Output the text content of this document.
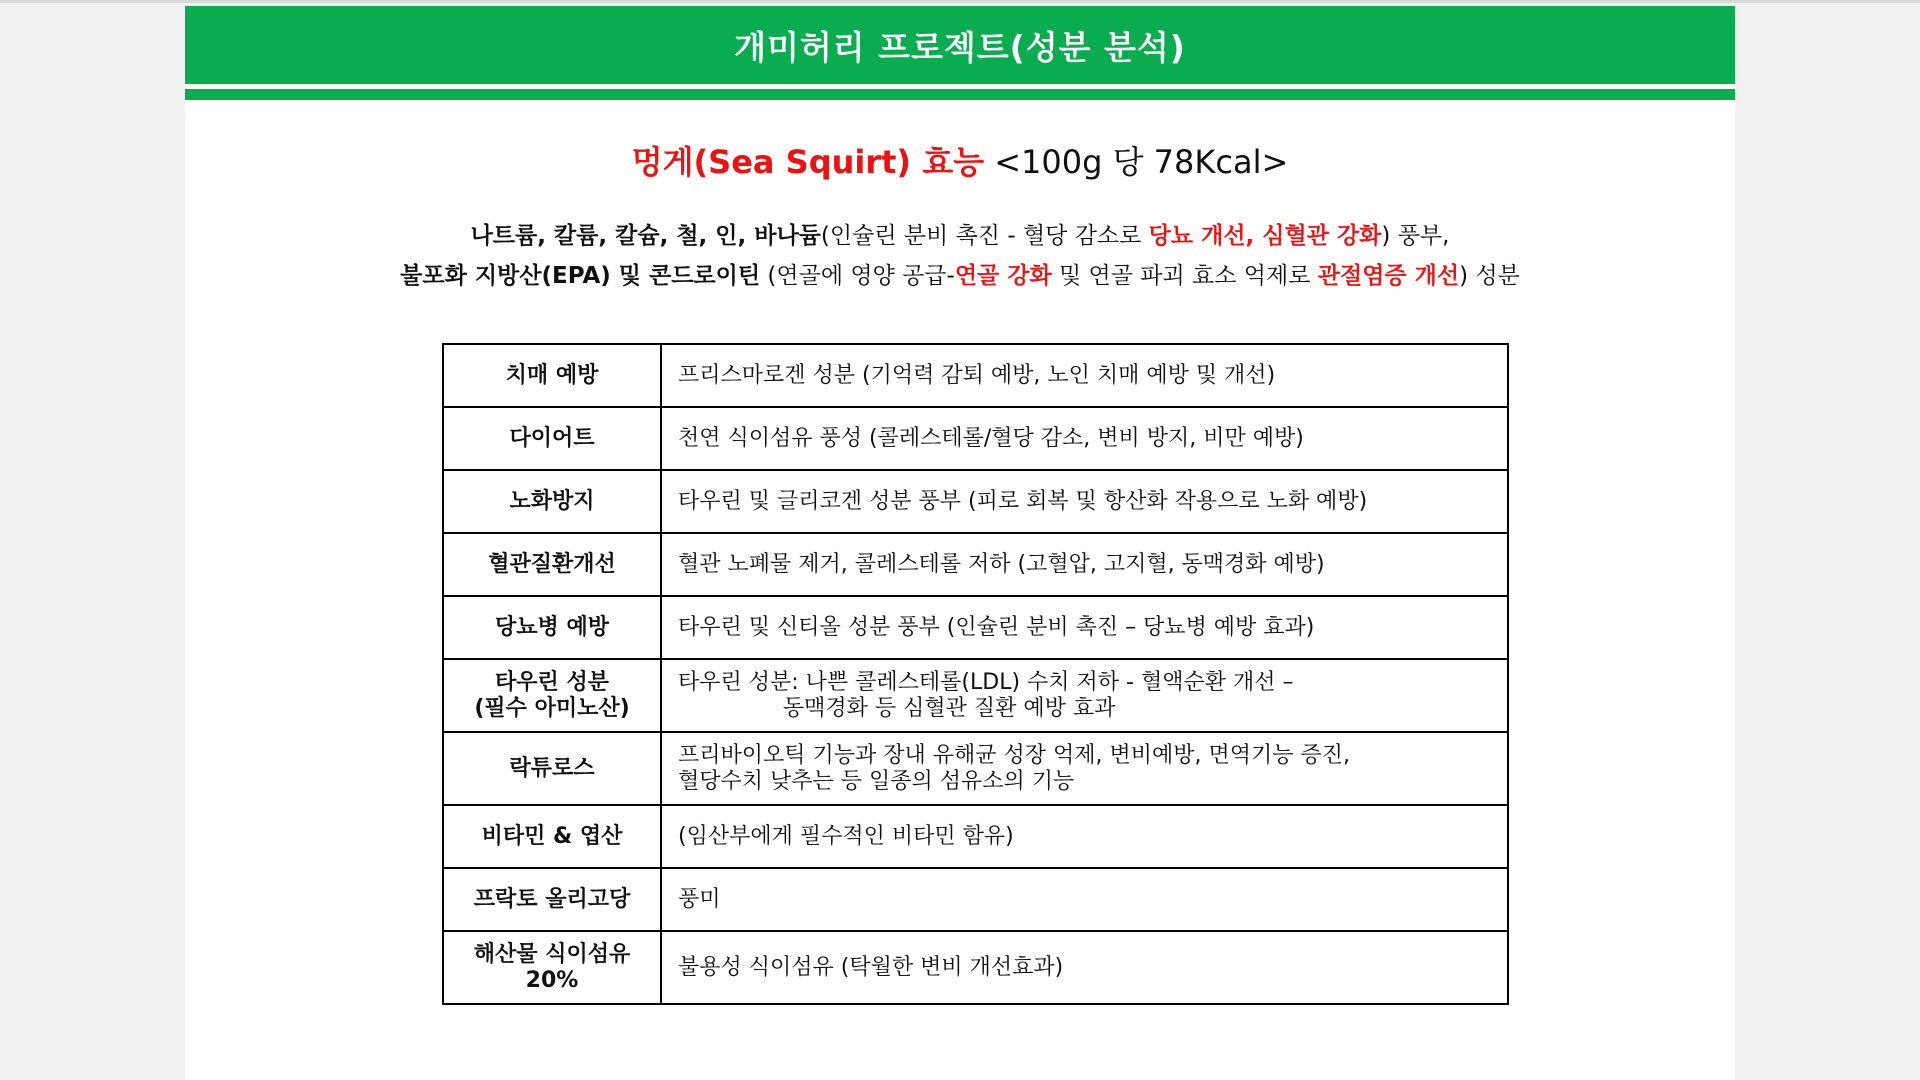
개미허리 프로젝트(성분 분석)
멍게(Sea Squirt) 효능 <100g 당 78Kcal>
나트륨, 칼륨, 칼슘, 철, 인, 바나듐(인슐린 분비 촉진 - 혈당 감소로 당뇨 개선, 심혈관 강화) 풍부,
불포화 지방산(EPA) 및 콘드로이틴 (연골에 영양 공급-연골 강화 및 연골 파괴 효소 억제로 관절염증 개선) 성분
치매 예방	프리스마로겐 성분 (기억력 감퇴 예방, 노인 치매 예방 및 개선)
다이어트	천연 식이섬유 풍성 (콜레스테롤/혈당 감소, 변비 방지, 비만 예방)
노화방지	타우린 및 글리코겐 성분 풍부 (피로 회복 및 항산화 작용으로 노화 예방)
혈관질환개선	혈관 노폐물 제거, 콜레스테롤 저하 (고혈압, 고지혈, 동맥경화 예방)
당뇨병 예방	타우린 및 신티올 성분 풍부 (인슐린 분비 촉진 – 당뇨병 예방 효과)
타우린 성분
(필수 아미노산)	타우린 성분: 나쁜 콜레스테롤(LDL) 수치 저하 - 혈액순환 개선 –
동맥경화 등 심혈관 질환 예방 효과
락튜로스	프리바이오틱 기능과 장내 유해균 성장 억제, 변비예방, 면역기능 증진,
혈당수치 낮추는 등 일종의 섬유소의 기능
비타민 & 엽산	(임산부에게 필수적인 비타민 함유)
프락토 올리고당	풍미
해산물 식이섬유
20%	불용성 식이섬유 (탁월한 변비 개선효과)
